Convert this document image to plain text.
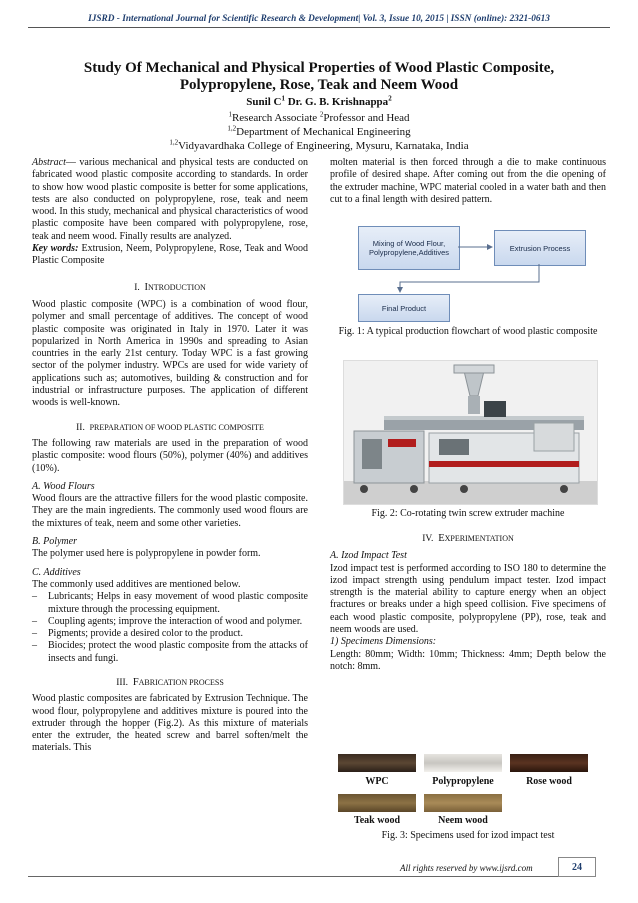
IJSRD - International Journal for Scientific Research & Development| Vol. 3, Issue 10, 2015 | ISSN (online): 2321-0613
Study Of Mechanical and Physical Properties of Wood Plastic Composite,
Polypropylene, Rose, Teak and Neem Wood
Sunil $C^1$ Dr. G. B. Krishnappa$^2$
$^1$Research Associate $^2$Professor and Head
$^{1,2}$Department of Mechanical Engineering
$^{1,2}$Vidyavardhaka College of Engineering, Mysuru, Karnataka, India

Abstract— various mechanical and physical tests are conducted on fabricated wood plastic composite according to standards. In order to show how wood plastic composite is better for some applications, tests are also conducted on polypropylene, rose, teak and neem wood. In this study, mechanical and physical characteristics of wood plastic composite have been compared with polypropylene, rose, teak and neem wood. Finally results are analyzed.

Key words: Extrusion, Neem, Polypropylene, Rose, Teak and Wood Plastic Composite

I. INTRODUCTION

Wood plastic composite (WPC) is a combination of wood flour, polymer and small percentage of additives. The concept of wood plastic composite was originated in Italy in 1970. Later it was popularized in North America in 1990s and spreading to Asian countries in the early 21st century. Today WPC is a fast growing sector of the polymer industry. WPCs are used for wide variety of applications such as; automotives, building & construction and for industrial or infrastructure purposes. The application of different woods is well-known.

II. PREPARATION OF WOOD PLASTIC COMPOSITE

The following raw materials are used in the preparation of wood plastic composite: wood flours (50%), polymer (40%) and additives (10%).

A. Wood Flours

Wood flours are the attractive fillers for the wood plastic composite. They are the main ingredients. The commonly used wood flours are the mixtures of teak, neem and some other varieties.

B. Polymer

The polymer used here is polypropylene in powder form.

C. Additives

The commonly used additives are mentioned below.

–	Lubricants; Helps in easy movement of wood plastic composite mixture through the processing equipment.
–	Coupling agents; improve the interaction of wood and polymer.
–	Pigments; provide a desired color to the product.
–	Biocides; protect the wood plastic composite from the attacks of insects and fungi.

III. FABRICATION PROCESS

Wood plastic composites are fabricated by Extrusion Technique. The wood flour, polypropylene and additives mixture is poured into the extruder through the hopper (Fig.2). As this mixture of materials enter the extruder, the heated screw and barrel soften/melt the materials. This

molten material is then forced through a die to make continuous profile of desired shape. After coming out from the die opening of the extruder machine, WPC material cooled in a water bath and then cut to a final length with desired pattern.

Mixing of Wood Flour, Polypropylene,Additives	Extrusion Process
Final Product
Fig. 1: A typical production flowchart of wood plastic composite
Fig. 2: Co-rotating twin screw extruder machine

IV. EXPERIMENTATION

A. Izod Impact Test

Izod impact test is performed according to ISO 180 to determine the izod impact strength using pendulum impact tester. Izod impact strength is the material ability to capture energy when an object fractures or breaks under a high speed collision. Five specimens of each wood plastic composite, polypropylene (PP), rose, teak and neem woods are used.

1) Specimens Dimensions:

Length: 80mm; Width: 10mm; Thickness: 4mm; Depth below the notch: 8mm.

WPC	Polypropylene	Rose wood
Teak wood	Neem wood
Fig. 3: Specimens used for izod impact test
All rights reserved by www.ijsrd.com	24
